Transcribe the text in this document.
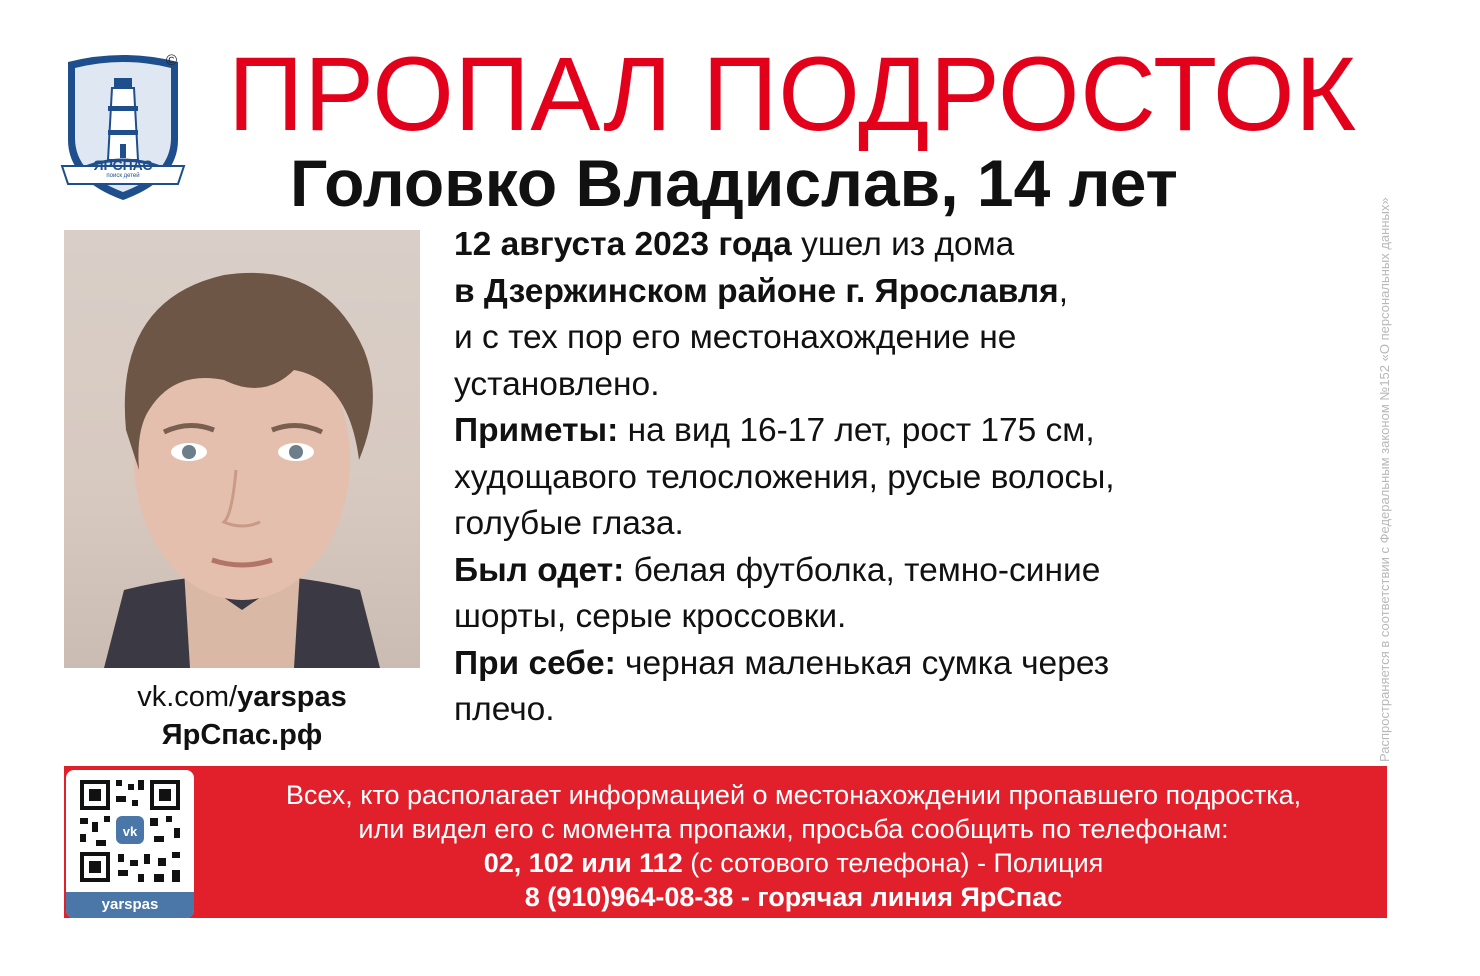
ЯРСПАС
поиск детей
© ПРОПАЛ ПОДРОСТОК
Головко Владислав, 14 лет
vk.com/yarspas
ЯрСпас.рф

12 августа 2023 года ушел из дома

в Дзержинском районе г. Ярославля,

и с тех пор его местонахождение не

установлено.

Приметы: на вид 16-17 лет, рост 175 см,

худощавого телосложения, русые волосы,

голубые глаза.

Был одет: белая футболка, темно-синие

шорты, серые кроссовки.

При себе: черная маленькая сумка через

плечо.	Распространяется в соответствии с Федеральным законом №152 «О персональных данных»
vk
yarspas

Всех, кто располагает информацией о местонахождении пропавшего подростка,

или видел его с момента пропажи, просьба сообщить по телефонам:

02, 102 или 112 (с сотового телефона) - Полиция

8 (910)964-08-38 - горячая линия ЯрСпас
